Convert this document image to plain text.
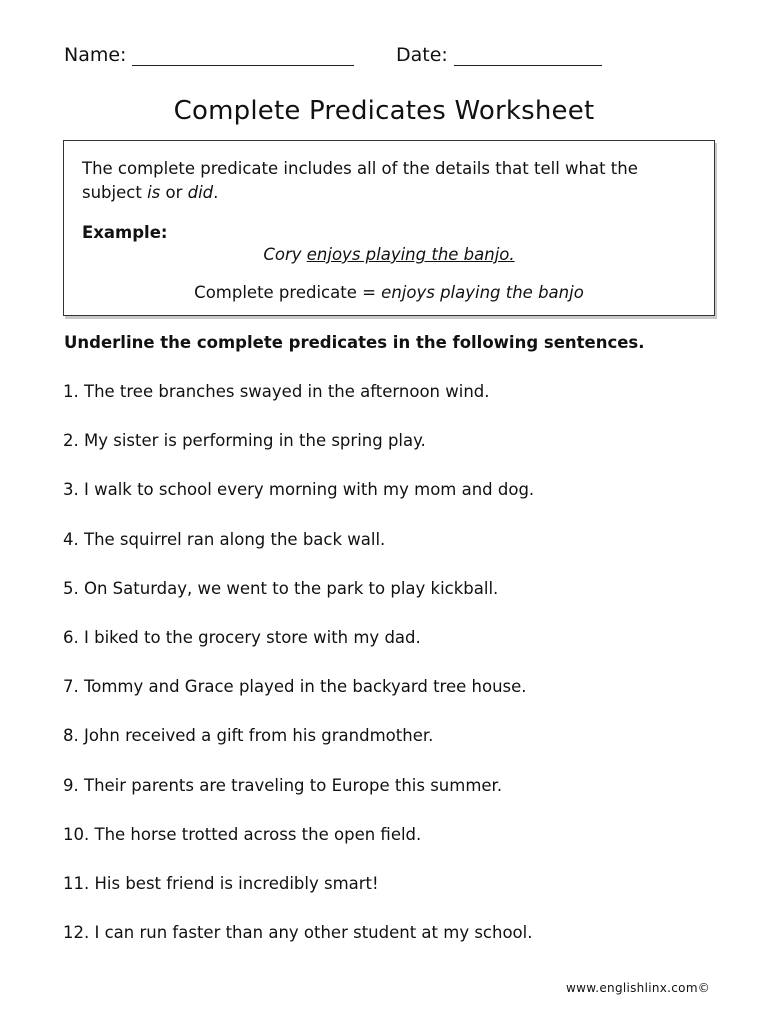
Name:	Date:
Complete Predicates Worksheet
The complete predicate includes all of the details that tell what the subject is or did.
Example:
Cory enjoys playing the banjo.
Complete predicate = enjoys playing the banjo
Underline the complete predicates in the following sentences.
1. The tree branches swayed in the afternoon wind.
2. My sister is performing in the spring play.
3. I walk to school every morning with my mom and dog.
4. The squirrel ran along the back wall.
5. On Saturday, we went to the park to play kickball.
6. I biked to the grocery store with my dad.
7. Tommy and Grace played in the backyard tree house.
8. John received a gift from his grandmother.
9. Their parents are traveling to Europe this summer.
10. The horse trotted across the open field.
11. His best friend is incredibly smart!
12. I can run faster than any other student at my school.
www.englishlinx.com©
